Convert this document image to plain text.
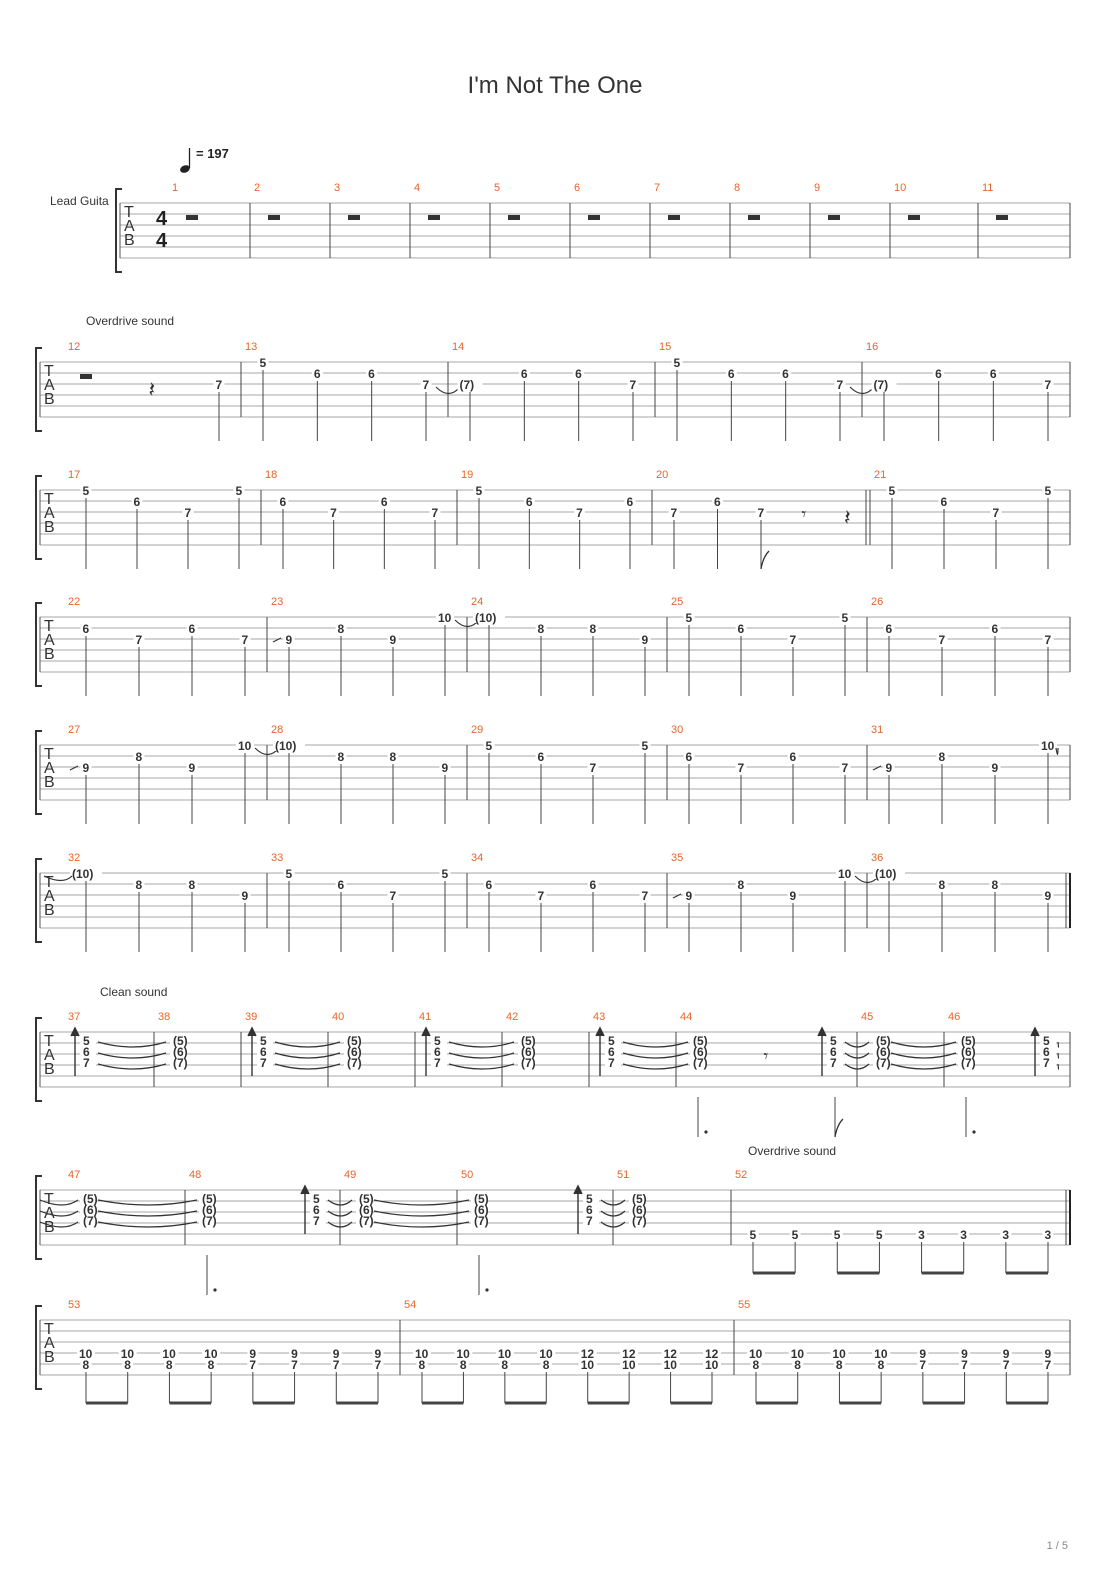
I'm Not The One
= 197
Lead Guita
T
A
B
4
4
1	2	3	4	5	6	7	8	9	10	11
T
A
B
Overdrive sound
12
𝄽	7
13
5
6	6
7
14
(7)
6	6
7
15
5
6	6
7
16
(7)
6	6
7
T
A
B
17
5
6
7
5
18
6
7
6
7
19
5
6
7
6
20
7
6
7 𝄾 𝄽
21
5
6
7
5
T
A
B
22
6
7
6
7
23
9
8
9
10
24
(10)
8	8
9
25
5
6
7
5
26
6
7
6
7
T
A
B
27
9
8
9
10
28
(10)
8	8
9
29
5
6
7
5
30
6
7
6
7
31
9
8
9
10
T
A
B
32
(10)
8	8
9
33
5
6
7
5
34
6
7
6
7
35
9
8
9
10
36
(10)
8	8
9
T
A
B
Clean sound
37
5
6
7
38
(5)
(6)
(7)
39
5
6
7
40
(5)
(6)
(7)
41
5
6
7
42
(5)
(6)
(7)
43
5
6
7
44
(5)
(6)
(7)	𝄾
5
6
7
45
(5)
(6)
(7)
46
(5)
(6)
(7)
5
6
7
T
A
B
Overdrive sound
47
(5)
(6)
(7)
48
(5)
(6)
(7)
5
6
7
49
(5)
(6)
(7)
50
(5)
(6)
(7)
5
6
7
51
(5)
(6)
(7)
52
5	5	5	5	3	3	3	3
T
A
B
53
10
8
10
8
10
8
10
8
9
7
9
7
9
7
9
7
54
10
8
10
8
10
8
10
8
12
10
12
10
12
10
12
10
55
10
8
10
8
10
8
10
8
9
7
9
7
9
7
9
7
1 / 5
